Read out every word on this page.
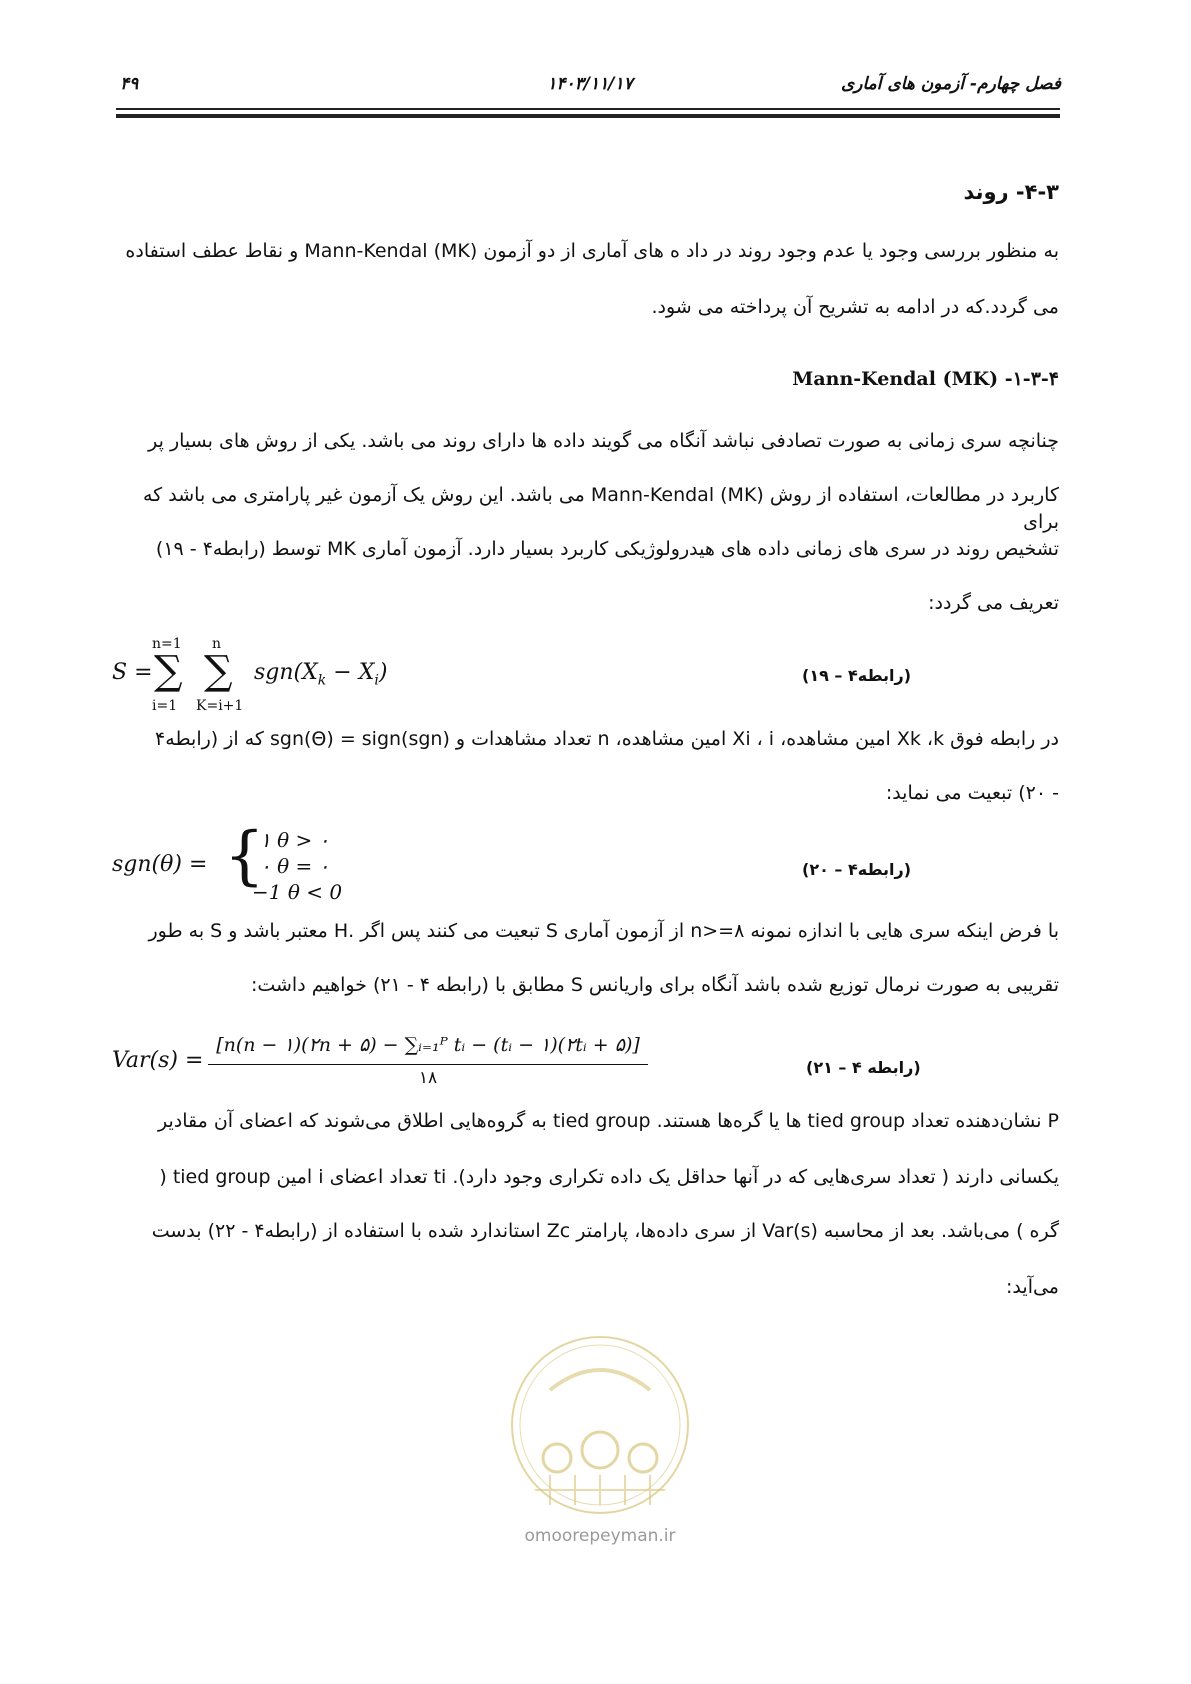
فصل چهارم- آزمون های آماری
۱۴۰۳/۱۱/۱۷
۴۹
۴-۳- روند
به منظور بررسی وجود یا عدم وجود روند در داد ه های آماری از دو آزمون Mann-Kendal (MK) و نقاط عطف استفاده
می گردد.که در ادامه به تشریح آن پرداخته می شود.
Mann-Kendal (MK) -۱-۳-۴
چنانچه سری زمانی به صورت تصادفی نباشد آنگاه می گویند داده ها دارای روند می باشد. یکی از روش های بسیار پر
کاربرد در مطالعات، استفاده از روش Mann-Kendal (MK) می باشد. این روش یک آزمون غیر پارامتری می باشد که برای
تشخیص روند در سری های زمانی داده های هیدرولوژیکی کاربرد بسیار دارد. آزمون آماری MK توسط (رابطه۴ - ۱۹)
تعریف می گردد:
S =
n=1
∑
i=1
n
∑
K=i+1
$sgn(X_k - X_i)$	(رابطه۴ – ۱۹)
در رابطه فوق Xk ،k امین مشاهده، Xi ، i امین مشاهده، n تعداد مشاهدات و sgn(Θ) = sign(sgn) که از (رابطه۴
- ۲۰) تبعیت می نماید:
sgn(θ) = {
۱ θ > ۰
۰ θ = ۰
−1 θ < 0
(رابطه۴ – ۲۰)
با فرض اینکه سری هایی با اندازه نمونه n>=۸ از آزمون آماری S تبعیت می کنند پس اگر .H معتبر باشد و S به طور
تقریبی به صورت نرمال توزیع شده باشد آنگاه برای واریانس S مطابق با (رابطه ۴ - ۲۱) خواهیم داشت:
Var(s) =
[n(n − ۱)(۲n + ۵) − ∑ᵢ₌₁ᴾ tᵢ − (tᵢ − ۱)(۲tᵢ + ۵)]
۱۸
(رابطه ۴ – ۲۱)
P نشان‌دهنده تعداد tied group ها یا گره‌ها هستند. tied group به گروه‌هایی اطلاق می‌شوند که اعضای آن مقادیر
یکسانی دارند ( تعداد سری‌هایی که در آنها حداقل یک داده تکراری وجود دارد). ti تعداد اعضای i امین tied group (
گره ) می‌باشد. بعد از محاسبه Var(s) از سری داده‌ها، پارامتر Zc استاندارد شده با استفاده از (رابطه۴ - ۲۲) بدست
می‌آید:
omoorepeyman.ir
